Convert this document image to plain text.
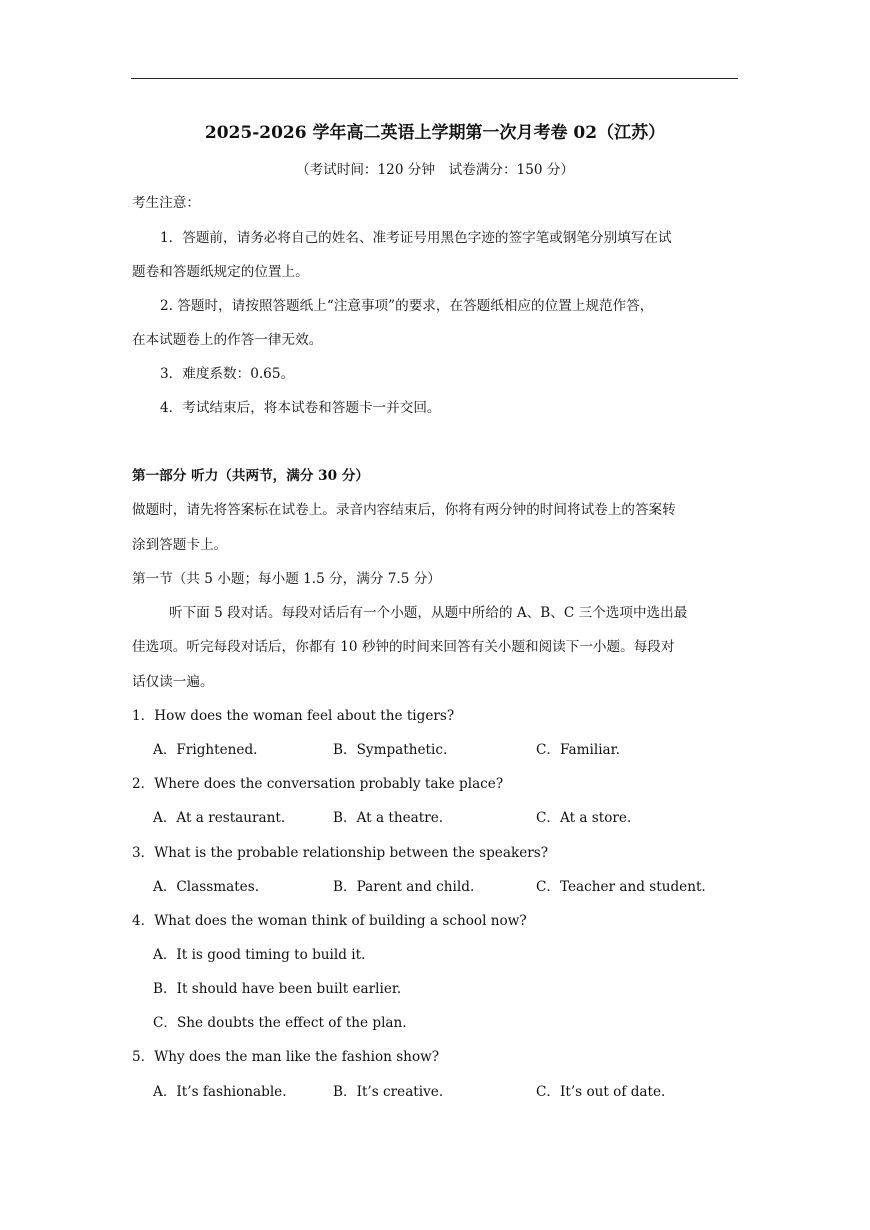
2025-2026 学年高二英语上学期第一次月考卷 02（江苏）
（考试时间：120 分钟　试卷满分：150 分）
考生注意：
1．答题前，请务必将自己的姓名、准考证号用黑色字迹的签字笔或钢笔分别填写在试
题卷和答题纸规定的位置上。
2. 答题时，请按照答题纸上“注意事项”的要求，在答题纸相应的位置上规范作答，
在本试题卷上的作答一律无效。
3．难度系数：0.65。
4．考试结束后，将本试卷和答题卡一并交回。
第一部分 听力（共两节，满分 30 分）
做题时，请先将答案标在试卷上。录音内容结束后，你将有两分钟的时间将试卷上的答案转
涂到答题卡上。
第一节（共 5 小题；每小题 1.5 分，满分 7.5 分）
听下面 5 段对话。每段对话后有一个小题，从题中所给的 A、B、C 三个选项中选出最
佳选项。听完每段对话后，你都有 10 秒钟的时间来回答有关小题和阅读下一小题。每段对
话仅读一遍。
1．How does the woman feel about the tigers?
A．Frightened.	B．Sympathetic.	C．Familiar.
2．Where does the conversation probably take place?
A．At a restaurant.	B．At a theatre.	C．At a store.
3．What is the probable relationship between the speakers?
A．Classmates.	B．Parent and child.	C．Teacher and student.
4．What does the woman think of building a school now?
A．It is good timing to build it.
B．It should have been built earlier.
C．She doubts the effect of the plan.
5．Why does the man like the fashion show?
A．It’s fashionable.	B．It’s creative.	C．It’s out of date.
